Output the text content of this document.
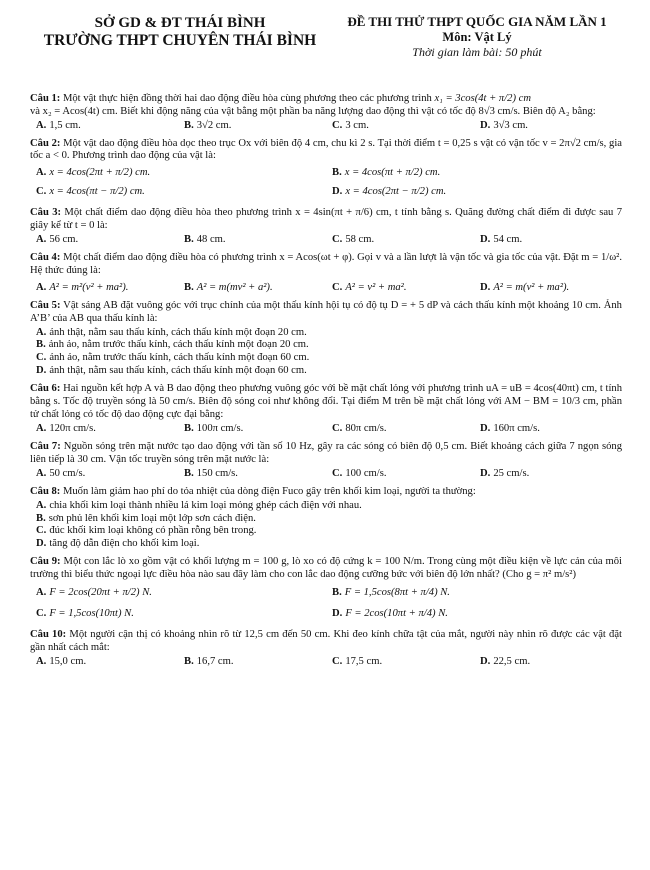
SỞ GD & ĐT THÁI BÌNH
TRƯỜNG THPT CHUYÊN THÁI BÌNH
ĐỀ THI THỬ THPT QUỐC GIA NĂM LẦN 1
Môn: Vật Lý
Thời gian làm bài: 50 phút
Câu 1: Một vật thực hiện đồng thời hai dao động điều hòa cùng phương theo các phương trình x₁ = 3cos(4t + π/2) cm
và x₂ = Acos(4t) cm. Biết khi động năng của vật bằng một phần ba năng lượng dao động thì vật có tốc độ 8√3 cm/s. Biên độ A₂ bằng:
A. 1,5 cm.	B. 3√2 cm.	C. 3 cm.	D. 3√3 cm.
Câu 2: Một vật dao động điều hòa dọc theo trục Ox với biên độ 4 cm, chu kì 2 s. Tại thời điểm t = 0,25 s vật có vận tốc v = 2π√2 cm/s, gia tốc a < 0. Phương trình dao động của vật là:
A. x = 4cos(2πt + π/2) cm.	B. x = 4cos(πt + π/2) cm.
C. x = 4cos(πt − π/2) cm.	D. x = 4cos(2πt − π/2) cm.
Câu 3: Một chất điểm dao động điều hòa theo phương trình x = 4sin(πt + π/6) cm, t tính bằng s. Quãng đường chất điểm đi được sau 7 giây kể từ t = 0 là:
A. 56 cm.	B. 48 cm.	C. 58 cm.	D. 54 cm.
Câu 4: Một chất điểm dao động điều hòa có phương trình x = Acos(ωt + φ). Gọi v và a lần lượt là vận tốc và gia tốc của vật. Đặt m = 1/ω². Hệ thức đúng là:
A. A² = m²(v² + ma²).	B. A² = m(mv² + a²).	C. A² = v² + ma².	D. A² = m(v² + ma²).
Câu 5: Vật sáng AB đặt vuông góc với trục chính của một thấu kính hội tụ có độ tụ D = + 5 dP và cách thấu kính một khoảng 10 cm. Ảnh A’B’ của AB qua thấu kính là:
A. ảnh thật, nằm sau thấu kính, cách thấu kính một đoạn 20 cm.
B. ảnh ảo, nằm trước thấu kính, cách thấu kính một đoạn 20 cm.
C. ảnh ảo, nằm trước thấu kính, cách thấu kính một đoạn 60 cm.
D. ảnh thật, nằm sau thấu kính, cách thấu kính một đoạn 60 cm.
Câu 6: Hai nguồn kết hợp A và B dao động theo phương vuông góc với bề mặt chất lỏng với phương trình uA = uB = 4cos(40πt) cm, t tính bằng s. Tốc độ truyền sóng là 50 cm/s. Biên độ sóng coi như không đổi. Tại điểm M trên bề mặt chất lỏng với AM − BM = 10/3 cm, phần tử chất lỏng có tốc độ dao động cực đại bằng:
A. 120π cm/s.	B. 100π cm/s.	C. 80π cm/s.	D. 160π cm/s.
Câu 7: Nguồn sóng trên mặt nước tạo dao động với tần số 10 Hz, gây ra các sóng có biên độ 0,5 cm. Biết khoảng cách giữa 7 ngọn sóng liên tiếp là 30 cm. Vận tốc truyền sóng trên mặt nước là:
A. 50 cm/s.	B. 150 cm/s.	C. 100 cm/s.	D. 25 cm/s.
Câu 8: Muốn làm giảm hao phí do tỏa nhiệt của dòng điện Fuco gây trên khối kim loại, người ta thường:
A. chia khối kim loại thành nhiều lá kim loại mỏng ghép cách điện với nhau.
B. sơn phủ lên khối kim loại một lớp sơn cách điện.
C. đúc khối kim loại không có phần rỗng bên trong.
D. tăng độ dẫn điện cho khối kim loại.
Câu 9: Một con lắc lò xo gồm vật có khối lượng m = 100 g, lò xo có độ cứng k = 100 N/m. Trong cùng một điều kiện về lực cản của môi trường thì biểu thức ngoại lực điều hòa nào sau đây làm cho con lắc dao động cưỡng bức với biên độ lớn nhất? (Cho g = π² m/s²)
A. F = 2cos(20πt + π/2) N.	B. F = 1,5cos(8πt + π/4) N.
C. F = 1,5cos(10πt) N.	D. F = 2cos(10πt + π/4) N.
Câu 10: Một người cận thị có khoảng nhìn rõ từ 12,5 cm đến 50 cm. Khi đeo kính chữa tật của mắt, người này nhìn rõ được các vật đặt gần nhất cách mắt:
A. 15,0 cm.	B. 16,7 cm.	C. 17,5 cm.	D. 22,5 cm.
